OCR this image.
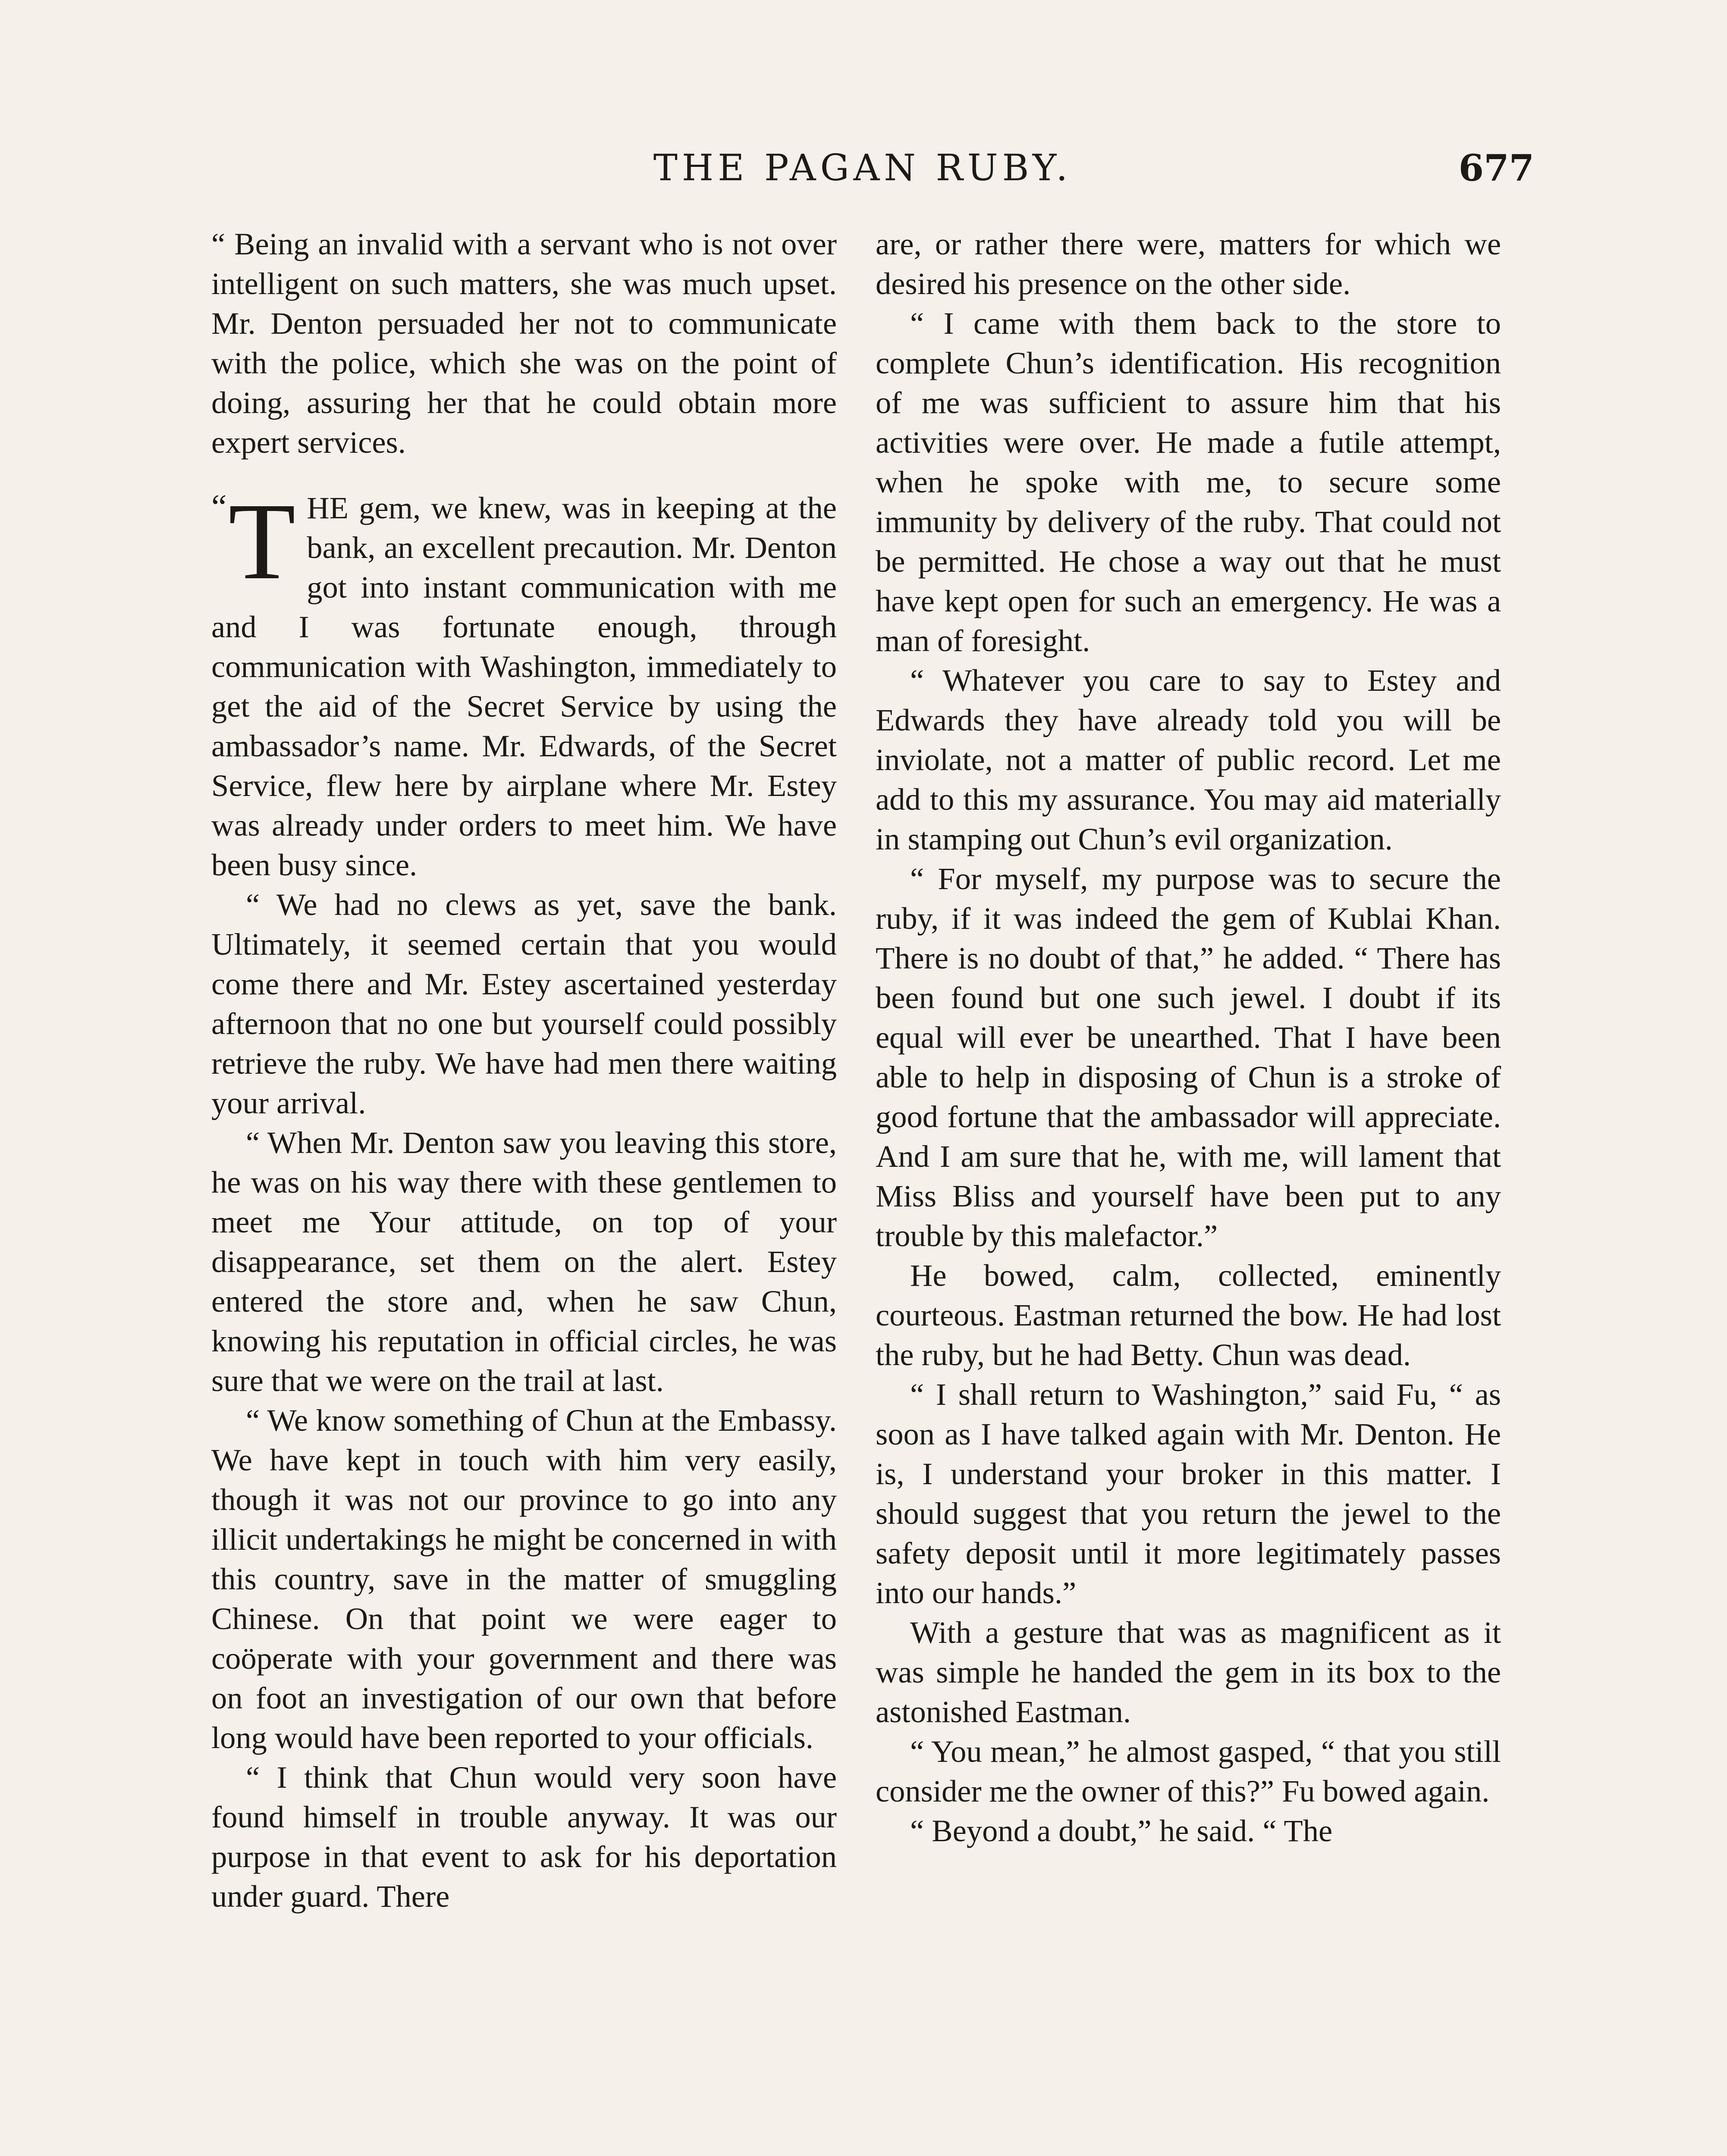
THE PAGAN RUBY.	677

“ Being an invalid with a servant who is not over intelligent on such matters, she was much upset. Mr. Denton persuaded her not to communicate with the police, which she was on the point of doing, assuring her that he could obtain more expert services.

“ T HE gem, we knew, was in keeping at the bank, an excellent precaution. Mr. Denton got into instant communication with me and I was fortunate enough, through communication with Washington, immediately to get the aid of the Secret Service by using the ambassador’s name. Mr. Edwards, of the Secret Service, flew here by airplane where Mr. Estey was already under orders to meet him. We have been busy since.

“ We had no clews as yet, save the bank. Ultimately, it seemed certain that you would come there and Mr. Estey ascertained yesterday afternoon that no one but yourself could possibly retrieve the ruby. We have had men there waiting your arrival.

“ When Mr. Denton saw you leaving this store, he was on his way there with these gentlemen to meet me Your attitude, on top of your disappearance, set them on the alert. Estey entered the store and, when he saw Chun, knowing his reputation in official circles, he was sure that we were on the trail at last.

“ We know something of Chun at the Embassy. We have kept in touch with him very easily, though it was not our province to go into any illicit undertakings he might be concerned in with this country, save in the matter of smuggling Chinese. On that point we were eager to coöperate with your government and there was on foot an investigation of our own that before long would have been reported to your officials.

“ I think that Chun would very soon have found himself in trouble anyway. It was our purpose in that event to ask for his deportation under guard. There

are, or rather there were, matters for which we desired his presence on the other side.

“ I came with them back to the store to complete Chun’s identification. His recognition of me was sufficient to assure him that his activities were over. He made a futile attempt, when he spoke with me, to secure some immunity by delivery of the ruby. That could not be permitted. He chose a way out that he must have kept open for such an emergency. He was a man of foresight.

“ Whatever you care to say to Estey and Edwards they have already told you will be inviolate, not a matter of public record. Let me add to this my assurance. You may aid materially in stamping out Chun’s evil organization.

“ For myself, my purpose was to secure the ruby, if it was indeed the gem of Kublai Khan. There is no doubt of that,” he added. “ There has been found but one such jewel. I doubt if its equal will ever be unearthed. That I have been able to help in disposing of Chun is a stroke of good fortune that the ambassador will appreciate. And I am sure that he, with me, will lament that Miss Bliss and yourself have been put to any trouble by this malefactor.”

He bowed, calm, collected, eminently courteous. Eastman returned the bow. He had lost the ruby, but he had Betty. Chun was dead.

“ I shall return to Washington,” said Fu, “ as soon as I have talked again with Mr. Denton. He is, I understand your broker in this matter. I should suggest that you return the jewel to the safety deposit until it more legitimately passes into our hands.”

With a gesture that was as magnificent as it was simple he handed the gem in its box to the astonished Eastman.

“ You mean,” he almost gasped, “ that you still consider me the owner of this?” Fu bowed again.

“ Beyond a doubt,” he said. “ The
